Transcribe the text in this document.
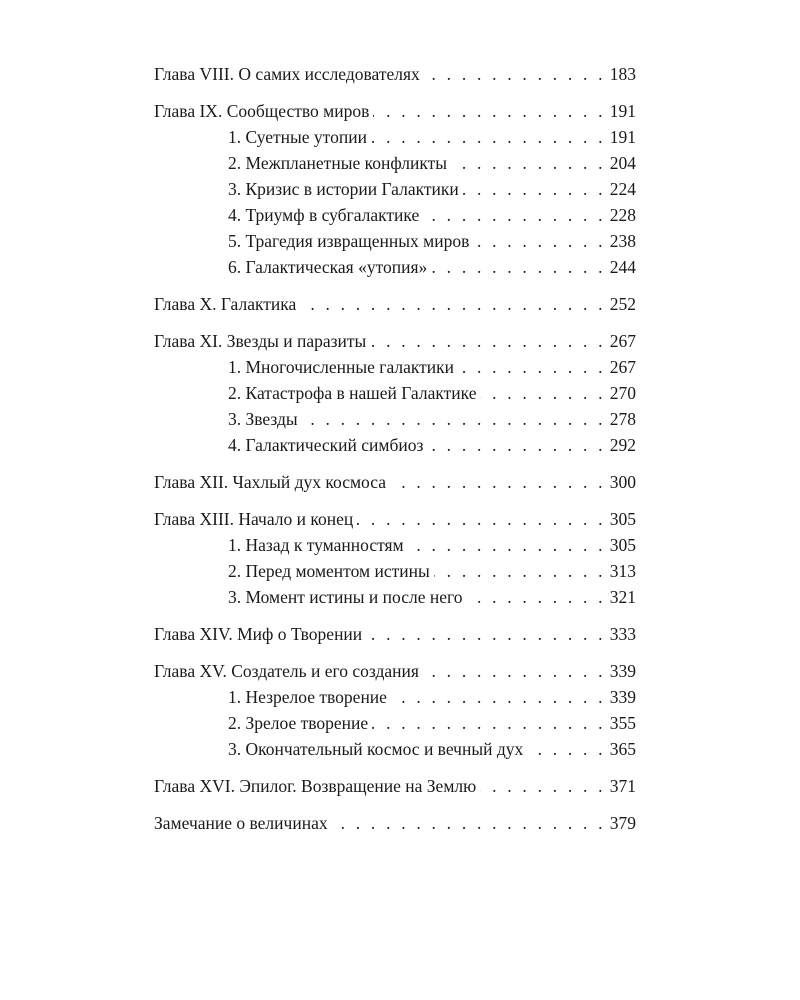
Глава VIII. О самих исследователях . . .	183
Глава IX. Сообщество миров . . .	191
1. Суетные утопии . . .	191
2. Межпланетные конфликты . . .	204
3. Кризис в истории Галактики . . .	224
4. Триумф в субгалактике . . .	228
5. Трагедия извращенных миров . . .	238
6. Галактическая «утопия» . . .	244
Глава X. Галактика . . .	252
Глава XI. Звезды и паразиты . . .	267
1. Многочисленные галактики . . .	267
2. Катастрофа в нашей Галактике . . .	270
3. Звезды . . .	278
4. Галактический симбиоз . . .	292
Глава XII. Чахлый дух космоса . . .	300
Глава XIII. Начало и конец . . .	305
1. Назад к туманностям . . .	305
2. Перед моментом истины . . .	313
3. Момент истины и после него . . .	321
Глава XIV. Миф о Творении . . .	333
Глава XV. Создатель и его создания . . .	339
1. Незрелое творение . . .	339
2. Зрелое творение . . .	355
3. Окончательный космос и вечный дух . . .	365
Глава XVI. Эпилог. Возвращение на Землю . . .	371
Замечание о величинах . . .	379
